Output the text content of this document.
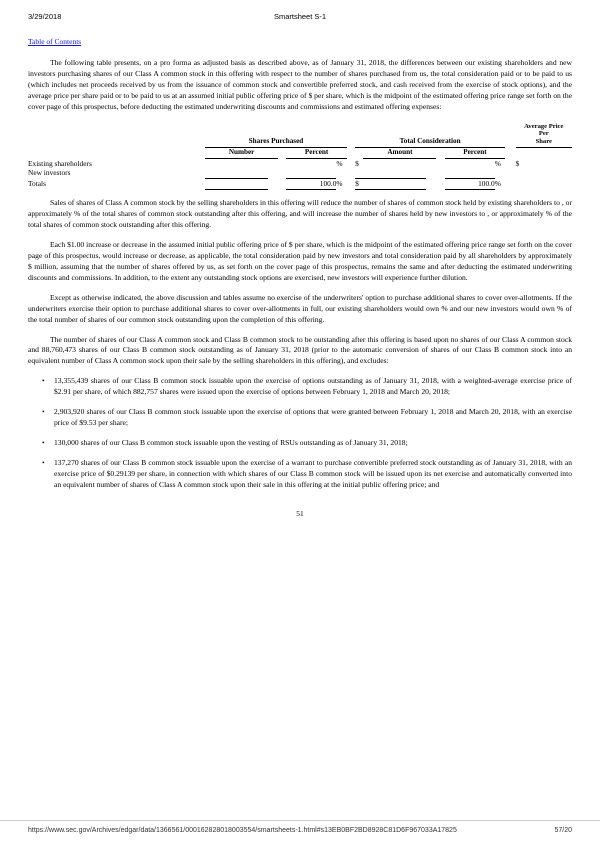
3/29/2018	Smartsheet S-1
Table of Contents

The following table presents, on a pro forma as adjusted basis as described above, as of January 31, 2018, the differences between our existing shareholders and new investors purchasing shares of our Class A common stock in this offering with respect to the number of shares purchased from us, the total consideration paid or to be paid to us (which includes net proceeds received by us from the issuance of common stock and convertible preferred stock, and cash received from the exercise of stock options), and the average price per share paid or to be paid to us at an assumed initial public offering price of $ per share, which is the midpoint of the estimated offering price range set forth on the cover page of this prospectus, before deducting the estimated underwriting discounts and commissions and estimated offering expenses:

		Shares Purchased						Total Consideration							Average Price
Per
Share	

		Number			Percent				Amount			Percent	

Existing shareholders						%		$					%		$	
New investors																

Totals					100.0	%		$				100.0	%			

Sales of shares of Class A common stock by the selling shareholders in this offering will reduce the number of shares of common stock held by existing shareholders to , or approximately % of the total shares of common stock outstanding after this offering, and will increase the number of shares held by new investors to , or approximately % of the total shares of common stock outstanding after this offering.

Each $1.00 increase or decrease in the assumed initial public offering price of $ per share, which is the midpoint of the estimated offering price range set forth on the cover page of this prospectus, would increase or decrease, as applicable, the total consideration paid by new investors and total consideration paid by all shareholders by approximately $ million, assuming that the number of shares offered by us, as set forth on the cover page of this prospectus, remains the same and after deducting the estimated underwriting discounts and commissions. In addition, to the extent any outstanding stock options are exercised, new investors will experience further dilution.

Except as otherwise indicated, the above discussion and tables assume no exercise of the underwriters' option to purchase additional shares to cover over-allotments. If the underwriters exercise their option to purchase additional shares to cover over-allotments in full, our existing shareholders would own % and our new investors would own % of the total number of shares of our common stock outstanding upon the completion of this offering.

The number of shares of our Class A common stock and Class B common stock to be outstanding after this offering is based upon no shares of our Class A common stock and 88,760,473 shares of our Class B common stock outstanding as of January 31, 2018 (prior to the automatic conversion of shares of our Class B common stock into an equivalent number of Class A common stock upon their sale by the selling shareholders in this offering), and excludes:

•	13,355,439 shares of our Class B common stock issuable upon the exercise of options outstanding as of January 31, 2018, with a weighted-average exercise price of $2.91 per share, of which 882,757 shares were issued upon the exercise of options between February 1, 2018 and March 20, 2018;
•	2,903,920 shares of our Class B common stock issuable upon the exercise of options that were granted between February 1, 2018 and March 20, 2018, with an exercise price of $9.53 per share;
•	130,000 shares of our Class B common stock issuable upon the vesting of RSUs outstanding as of January 31, 2018;
•	137,270 shares of our Class B common stock issuable upon the exercise of a warrant to purchase convertible preferred stock outstanding as of January 31, 2018, with an exercise price of $0.29139 per share, in connection with which shares of our Class B common stock will be issued upon its net exercise and automatically converted into an equivalent number of shares of Class A common stock upon their sale in this offering at the initial public offering price; and
51
https://www.sec.gov/Archives/edgar/data/1366561/000162828018003554/smartsheets-1.html#s13EB0BF2BD8928C81D6F967033A17825	57/20
